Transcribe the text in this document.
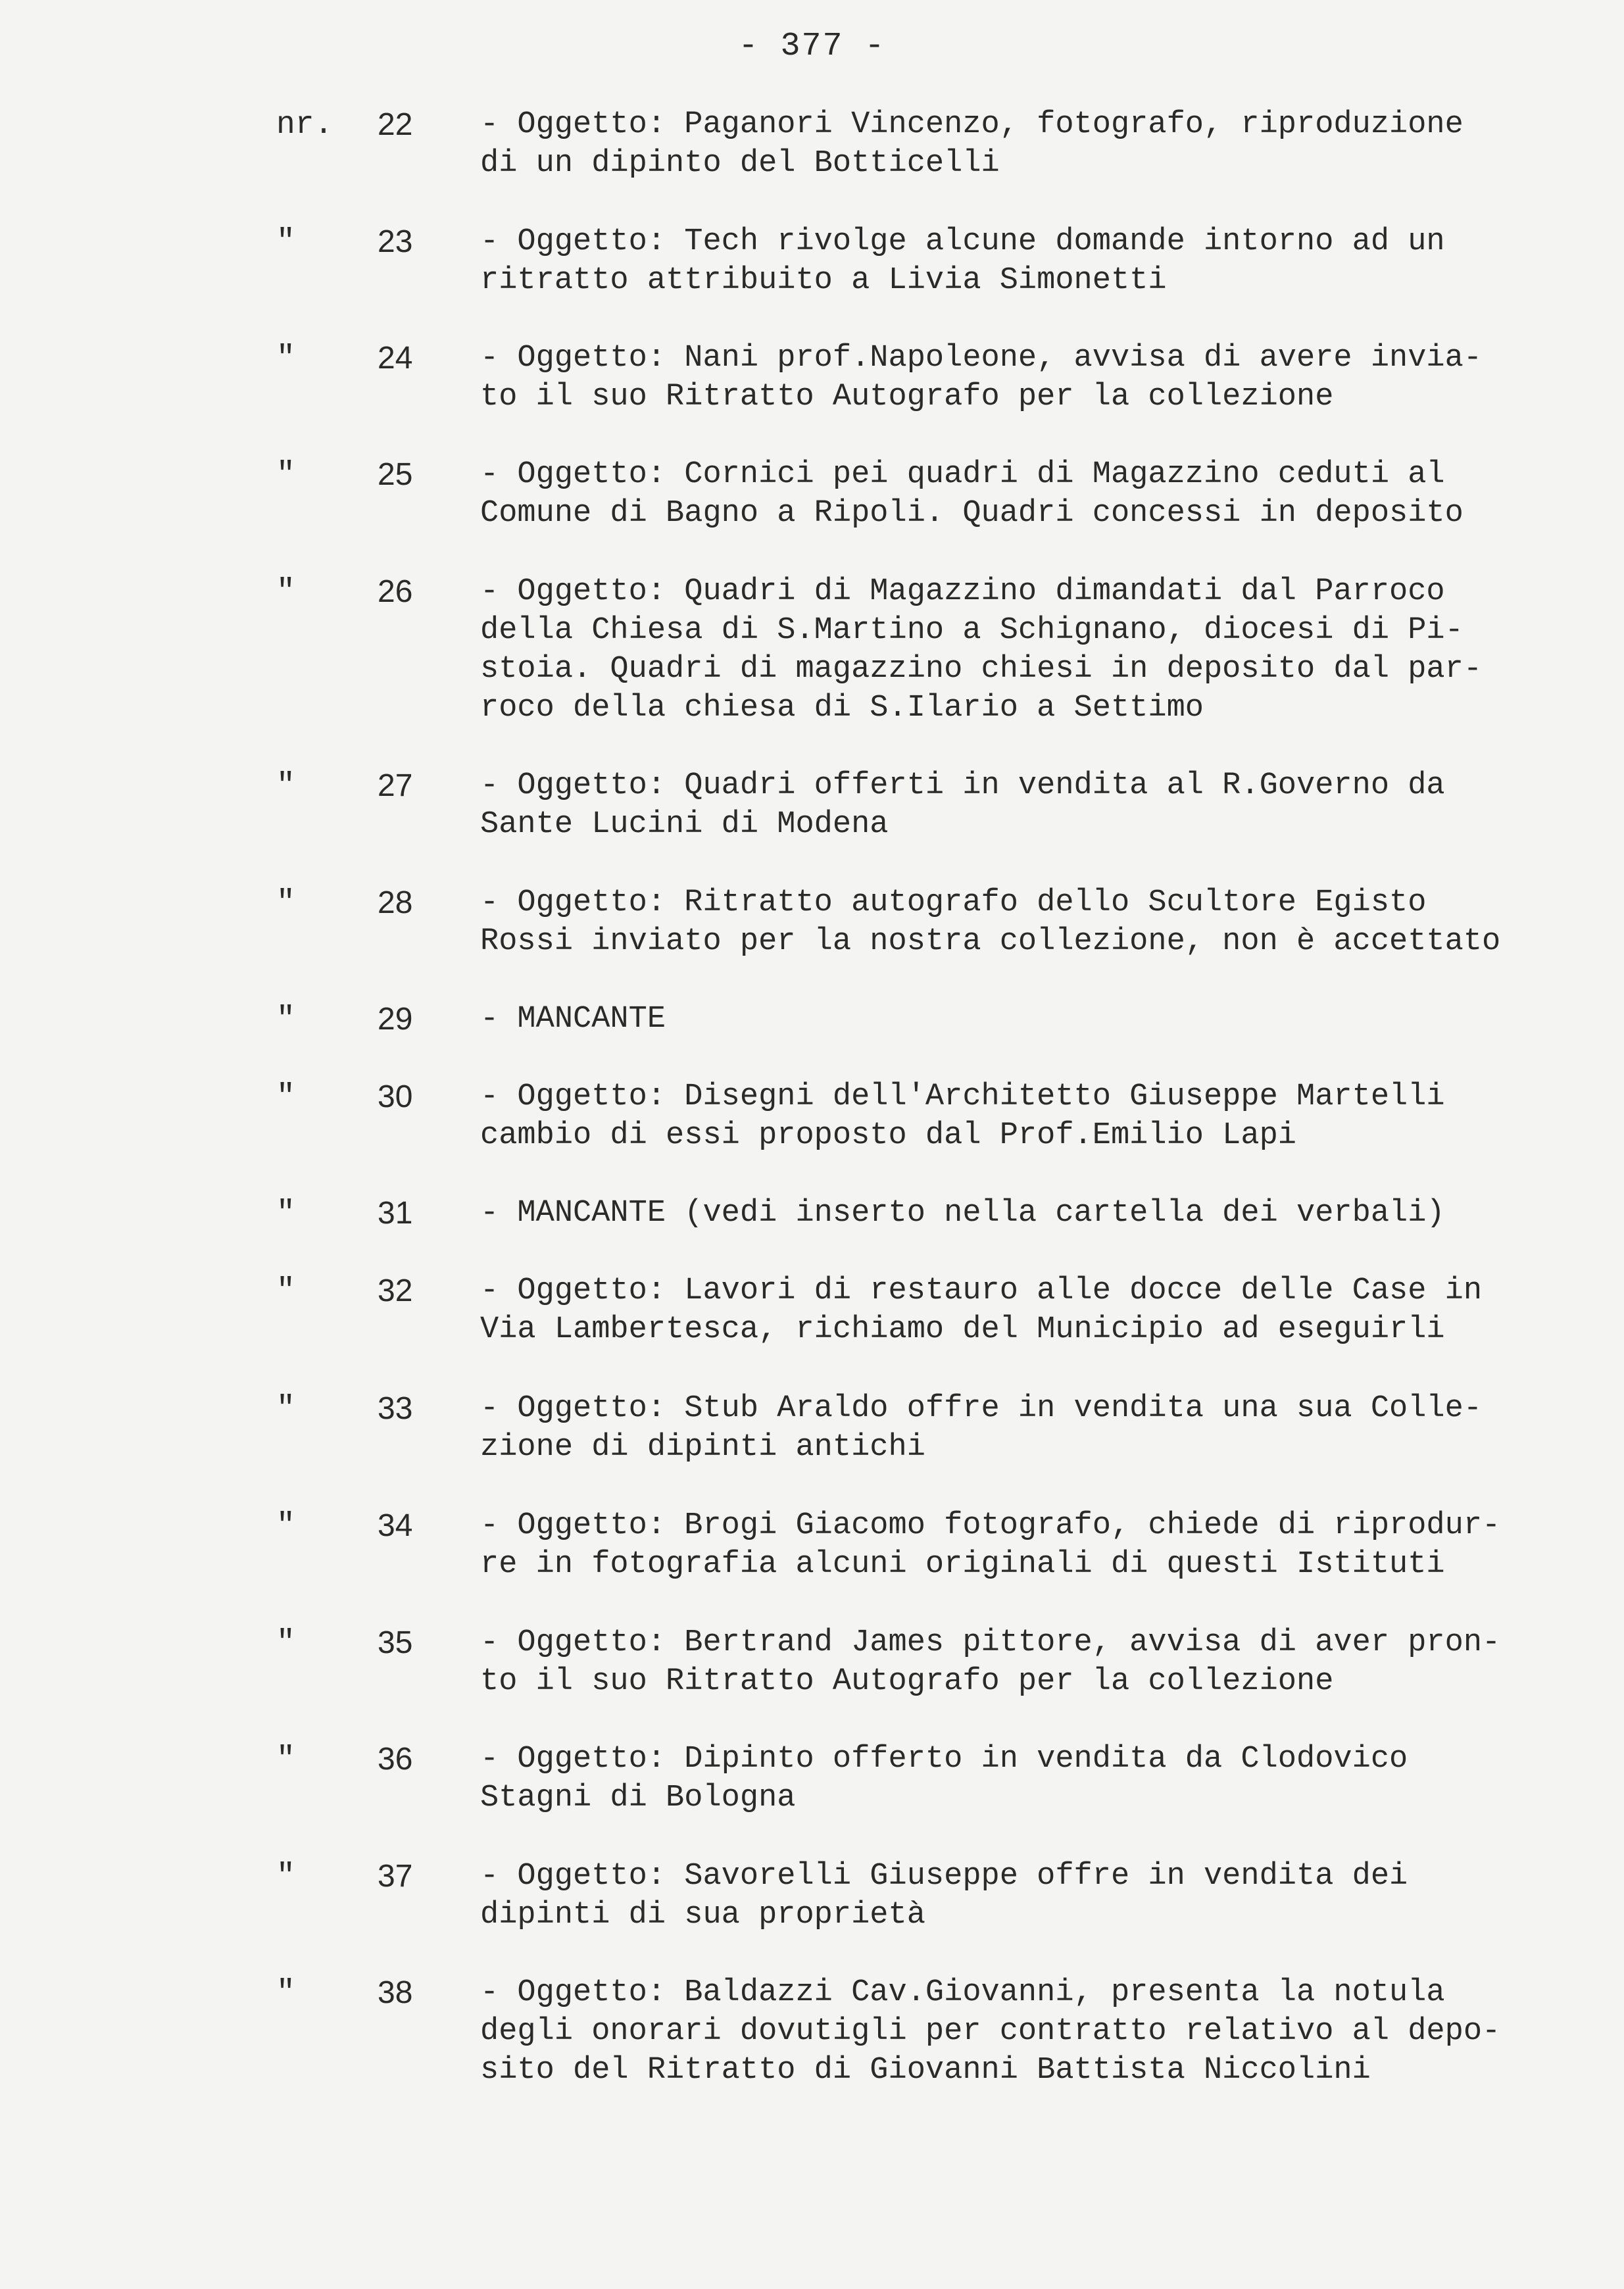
- 377 -
nr. 22 - Oggetto: Paganori Vincenzo, fotografo, riproduzione
di un dipinto del Botticelli
"	23 - Oggetto: Tech rivolge alcune domande intorno ad un
ritratto attribuito a Livia Simonetti
"	24 - Oggetto: Nani prof.Napoleone, avvisa di avere invia-
to il suo Ritratto Autografo per la collezione
"	25 - Oggetto: Cornici pei quadri di Magazzino ceduti al
Comune di Bagno a Ripoli. Quadri concessi in deposito
"	26 - Oggetto: Quadri di Magazzino dimandati dal Parroco
della Chiesa di S.Martino a Schignano, diocesi di Pi-
stoia. Quadri di magazzino chiesi in deposito dal par-
roco della chiesa di S.Ilario a Settimo
"	27 - Oggetto: Quadri offerti in vendita al R.Governo da
Sante Lucini di Modena
"	28 - Oggetto: Ritratto autografo dello Scultore Egisto
Rossi inviato per la nostra collezione, non è accettato
"	29 - MANCANTE
"	30 - Oggetto: Disegni dell'Architetto Giuseppe Martelli
cambio di essi proposto dal Prof.Emilio Lapi
"	31 - MANCANTE (vedi inserto nella cartella dei verbali)
"	32 - Oggetto: Lavori di restauro alle docce delle Case in
Via Lambertesca, richiamo del Municipio ad eseguirli
"	33 - Oggetto: Stub Araldo offre in vendita una sua Colle-
zione di dipinti antichi
"	34 - Oggetto: Brogi Giacomo fotografo, chiede di riprodur-
re in fotografia alcuni originali di questi Istituti
"	35 - Oggetto: Bertrand James pittore, avvisa di aver pron-
to il suo Ritratto Autografo per la collezione
"	36 - Oggetto: Dipinto offerto in vendita da Clodovico
Stagni di Bologna
"	37 - Oggetto: Savorelli Giuseppe offre in vendita dei
dipinti di sua proprietà
"	38 - Oggetto: Baldazzi Cav.Giovanni, presenta la notula
degli onorari dovutigli per contratto relativo al depo-
sito del Ritratto di Giovanni Battista Niccolini
